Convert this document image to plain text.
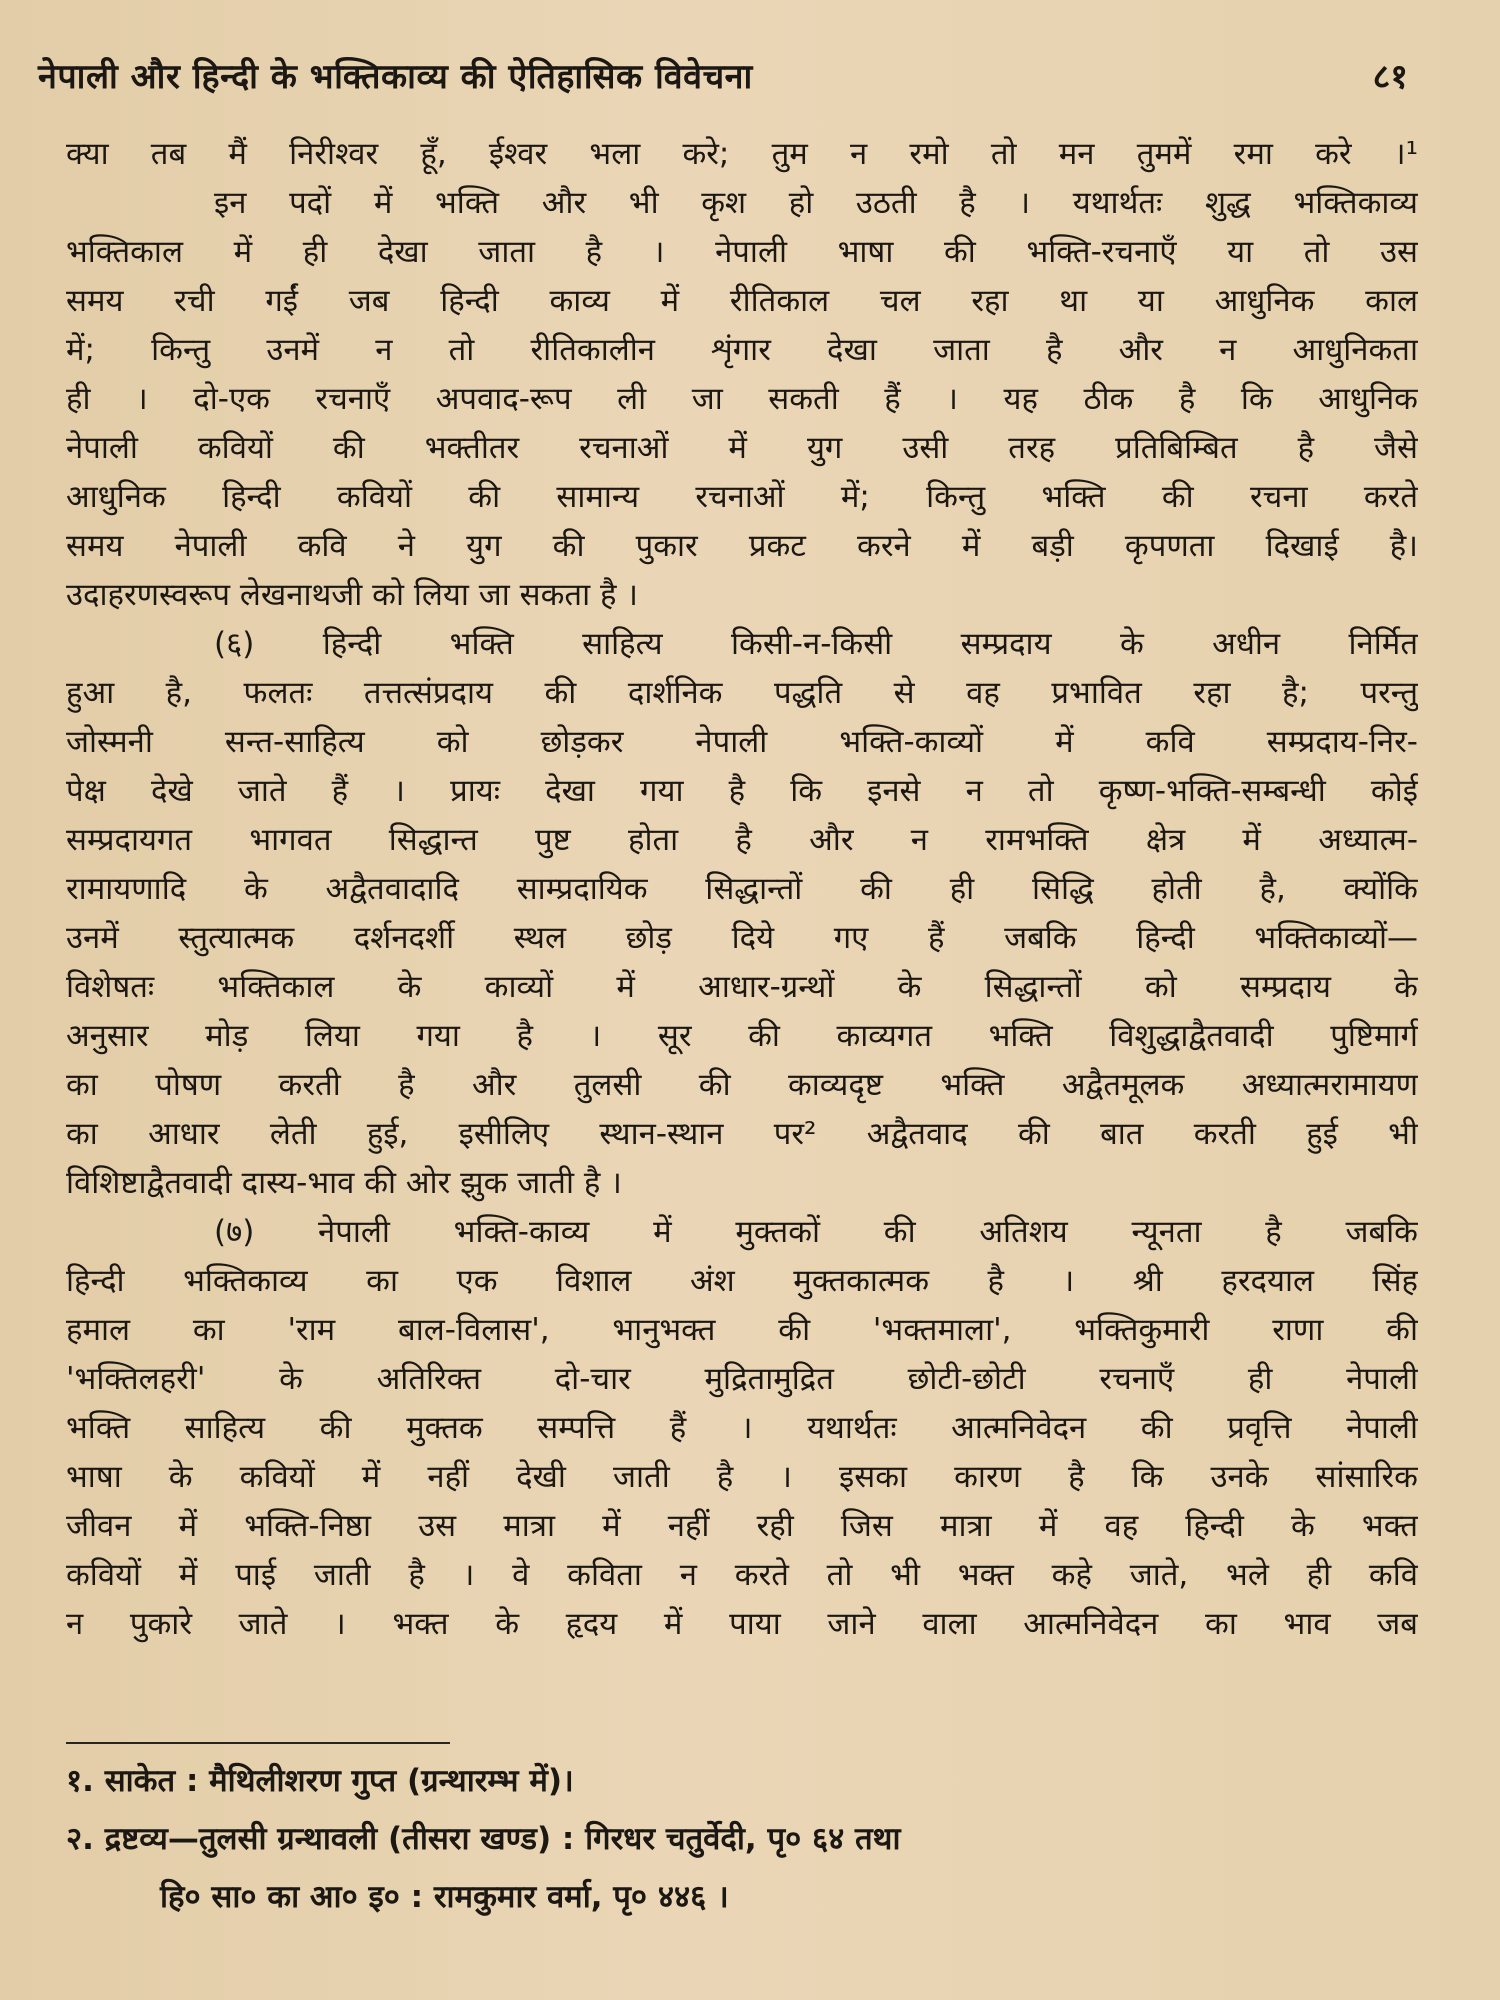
नेपाली और हिन्दी के भक्तिकाव्य की ऐतिहासिक विवेचना	८१
क्या तब मैं निरीश्वर हूँ, ईश्वर भला करे; तुम न रमो तो मन तुममें रमा करे ।¹
इन पदों में भक्ति और भी कृश हो उठती है । यथार्थतः शुद्ध भक्तिकाव्य
भक्तिकाल में ही देखा जाता है । नेपाली भाषा की भक्ति-रचनाएँ या तो उस
समय रची गईं जब हिन्दी काव्य में रीतिकाल चल रहा था या आधुनिक काल
में; किन्तु उनमें न तो रीतिकालीन शृंगार देखा जाता है और न आधुनिकता
ही । दो-एक रचनाएँ अपवाद-रूप ली जा सकती हैं । यह ठीक है कि आधुनिक
नेपाली कवियों की भक्तीतर रचनाओं में युग उसी तरह प्रतिबिम्बित है जैसे
आधुनिक हिन्दी कवियों की सामान्य रचनाओं में; किन्तु भक्ति की रचना करते
समय नेपाली कवि ने युग की पुकार प्रकट करने में बड़ी कृपणता दिखाई है।
उदाहरणस्वरूप लेखनाथजी को लिया जा सकता है ।
(६) हिन्दी भक्ति साहित्य किसी-न-किसी सम्प्रदाय के अधीन निर्मित
हुआ है, फलतः तत्तत्संप्रदाय की दार्शनिक पद्धति से वह प्रभावित रहा है; परन्तु
जोस्मनी सन्त-साहित्य को छोड़कर नेपाली भक्ति-काव्यों में कवि सम्प्रदाय-निर-
पेक्ष देखे जाते हैं । प्रायः देखा गया है कि इनसे न तो कृष्ण-भक्ति-सम्बन्धी कोई
सम्प्रदायगत भागवत सिद्धान्त पुष्ट होता है और न रामभक्ति क्षेत्र में अध्यात्म-
रामायणादि के अद्वैतवादादि साम्प्रदायिक सिद्धान्तों की ही सिद्धि होती है, क्योंकि
उनमें स्तुत्यात्मक दर्शनदर्शी स्थल छोड़ दिये गए हैं जबकि हिन्दी भक्तिकाव्यों—
विशेषतः भक्तिकाल के काव्यों में आधार-ग्रन्थों के सिद्धान्तों को सम्प्रदाय के
अनुसार मोड़ लिया गया है । सूर की काव्यगत भक्ति विशुद्धाद्वैतवादी पुष्टिमार्ग
का पोषण करती है और तुलसी की काव्यदृष्ट भक्ति अद्वैतमूलक अध्यात्मरामायण
का आधार लेती हुई, इसीलिए स्थान-स्थान पर² अद्वैतवाद की बात करती हुई भी
विशिष्टाद्वैतवादी दास्य-भाव की ओर झुक जाती है ।
(७) नेपाली भक्ति-काव्य में मुक्तकों की अतिशय न्यूनता है जबकि
हिन्दी भक्तिकाव्य का एक विशाल अंश मुक्तकात्मक है । श्री हरदयाल सिंह
हमाल का 'राम बाल-विलास', भानुभक्त की 'भक्तमाला', भक्तिकुमारी राणा की
'भक्तिलहरी' के अतिरिक्त दो-चार मुद्रितामुद्रित छोटी-छोटी रचनाएँ ही नेपाली
भक्ति साहित्य की मुक्तक सम्पत्ति हैं । यथार्थतः आत्मनिवेदन की प्रवृत्ति नेपाली
भाषा के कवियों में नहीं देखी जाती है । इसका कारण है कि उनके सांसारिक
जीवन में भक्ति-निष्ठा उस मात्रा में नहीं रही जिस मात्रा में वह हिन्दी के भक्त
कवियों में पाई जाती है । वे कविता न करते तो भी भक्त कहे जाते, भले ही कवि
न पुकारे जाते । भक्त के हृदय में पाया जाने वाला आत्मनिवेदन का भाव जब
१. साकेत : मैथिलीशरण गुप्त (ग्रन्थारम्भ में)।
२. द्रष्टव्य—तुलसी ग्रन्थावली (तीसरा खण्ड) : गिरधर चतुर्वेदी, पृ० ६४ तथा
हि० सा० का आ० इ० : रामकुमार वर्मा, पृ० ४४६ ।
